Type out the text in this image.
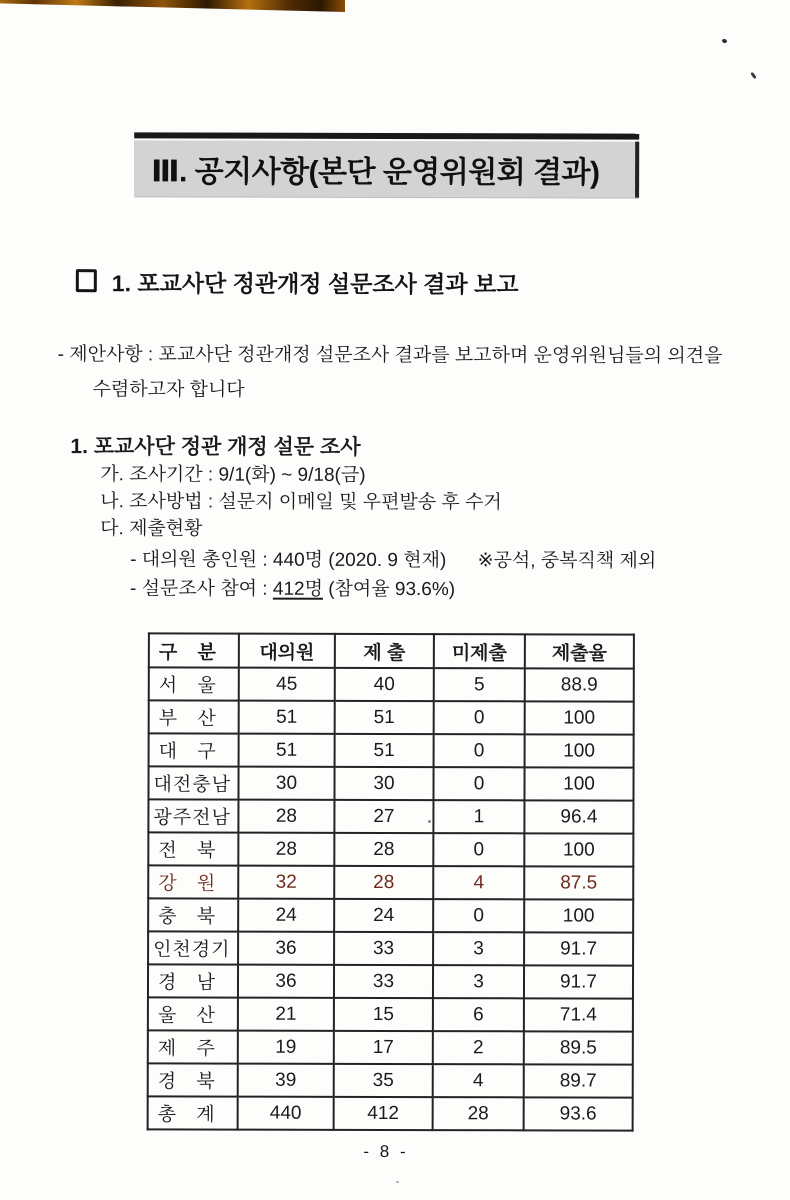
Ⅲ. 공지사항(본단 운영위원회 결과)
1. 포교사단 정관개정 설문조사 결과 보고
- 제안사항 : 포교사단 정관개정 설문조사 결과를 보고하며 운영위원님들의 의견을
수렴하고자 합니다
1. 포교사단 정관 개정 설문 조사
가. 조사기간 : 9/1(화) ~ 9/18(금)
나. 조사방법 : 설문지 이메일 및 우편발송 후 수거
다. 제출현황
- 대의원 총인원 : 440명 (2020. 9 현재) ※공석, 중복직책 제외
- 설문조사 참여 : 412명 (참여율 93.6%)
구 분	대의원	제 출	미제출	제출율

서 울	45	40	5	88.9

부 산	51	51	0	100

대 구	51	51	0	100

대전충남	30	30	0	100

광주전남	28	27	1	96.4

전 북	28	28	0	100

강 원	32	28	4	87.5

충 북	24	24	0	100

인천경기	36	33	3	91.7

경 남	36	33	3	91.7

울 산	21	15	6	71.4

제 주	19	17	2	89.5

경 북	39	35	4	89.7

총 계	440	412	28	93.6
- 8 -
